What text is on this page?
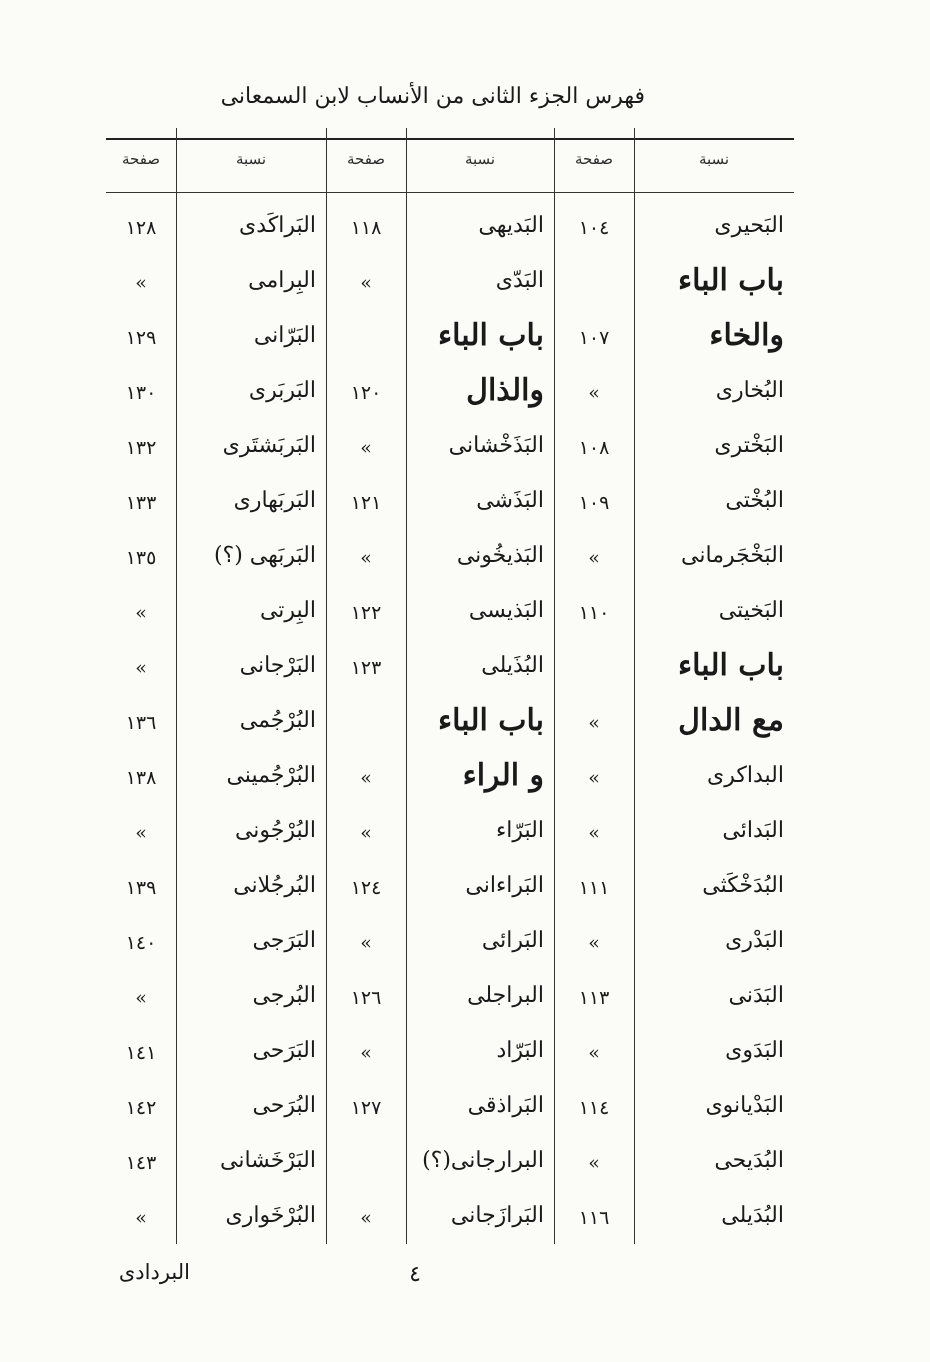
فهرس الجزء الثانى من الأنساب لابن السمعانى
نسبة
البَحيرى
باب الباء
والخاء
البُخارى
البَخْترى
البُخْتى
البَخْجَرمانى
البَخيتى
باب الباء
مع الدال
البداكرى
البَدائى
البُدَخْكَثى
البَدْرى
البَدَنى
البَدَوى
البَدْيانوى
البُدَيحى
البُدَيلى
صفحة
١٠٤
١٠٧
»
١٠٨
١٠٩
»
١١٠
»
»
»
١١١
»
١١٣
»
١١٤
»
١١٦
نسبة
البَديهى
البَدّى
باب الباء
والذال
البَذَخْشانى
البَذَشى
البَذيخُونى
البَذيسى
البُذَيلى
باب الباء
و الراء
البَرّاء
البَراءانى
البَرائى
البراجلى
البَرّاد
البَراذقى
البرارجانى(؟)
البَرازَجانى
صفحة
١١٨
»
١٢٠
»
١٢١
»
١٢٢
١٢٣
»
»
١٢٤
»
١٢٦
»
١٢٧
»
نسبة
البَراكَدى
البِرامى
البَرّانى
البَربَرى
البَربَشتَرى
البَربَهارى
البَربَهى (؟)
البِرتى
البَرْجانى
البُرْجُمى
البُرْجُمينى
البُرْجُونى
البُرجُلانى
البَرَجى
البُرجى
البَرَحى
البُرَحى
البَرْخَشانى
البُرْخَوارى
صفحة
١٢٨
»
١٢٩
١٣٠
١٣٢
١٣٣
١٣٥
»
»
١٣٦
١٣٨
»
١٣٩
١٤٠
»
١٤١
١٤٢
١٤٣
»
٤
البردادى
